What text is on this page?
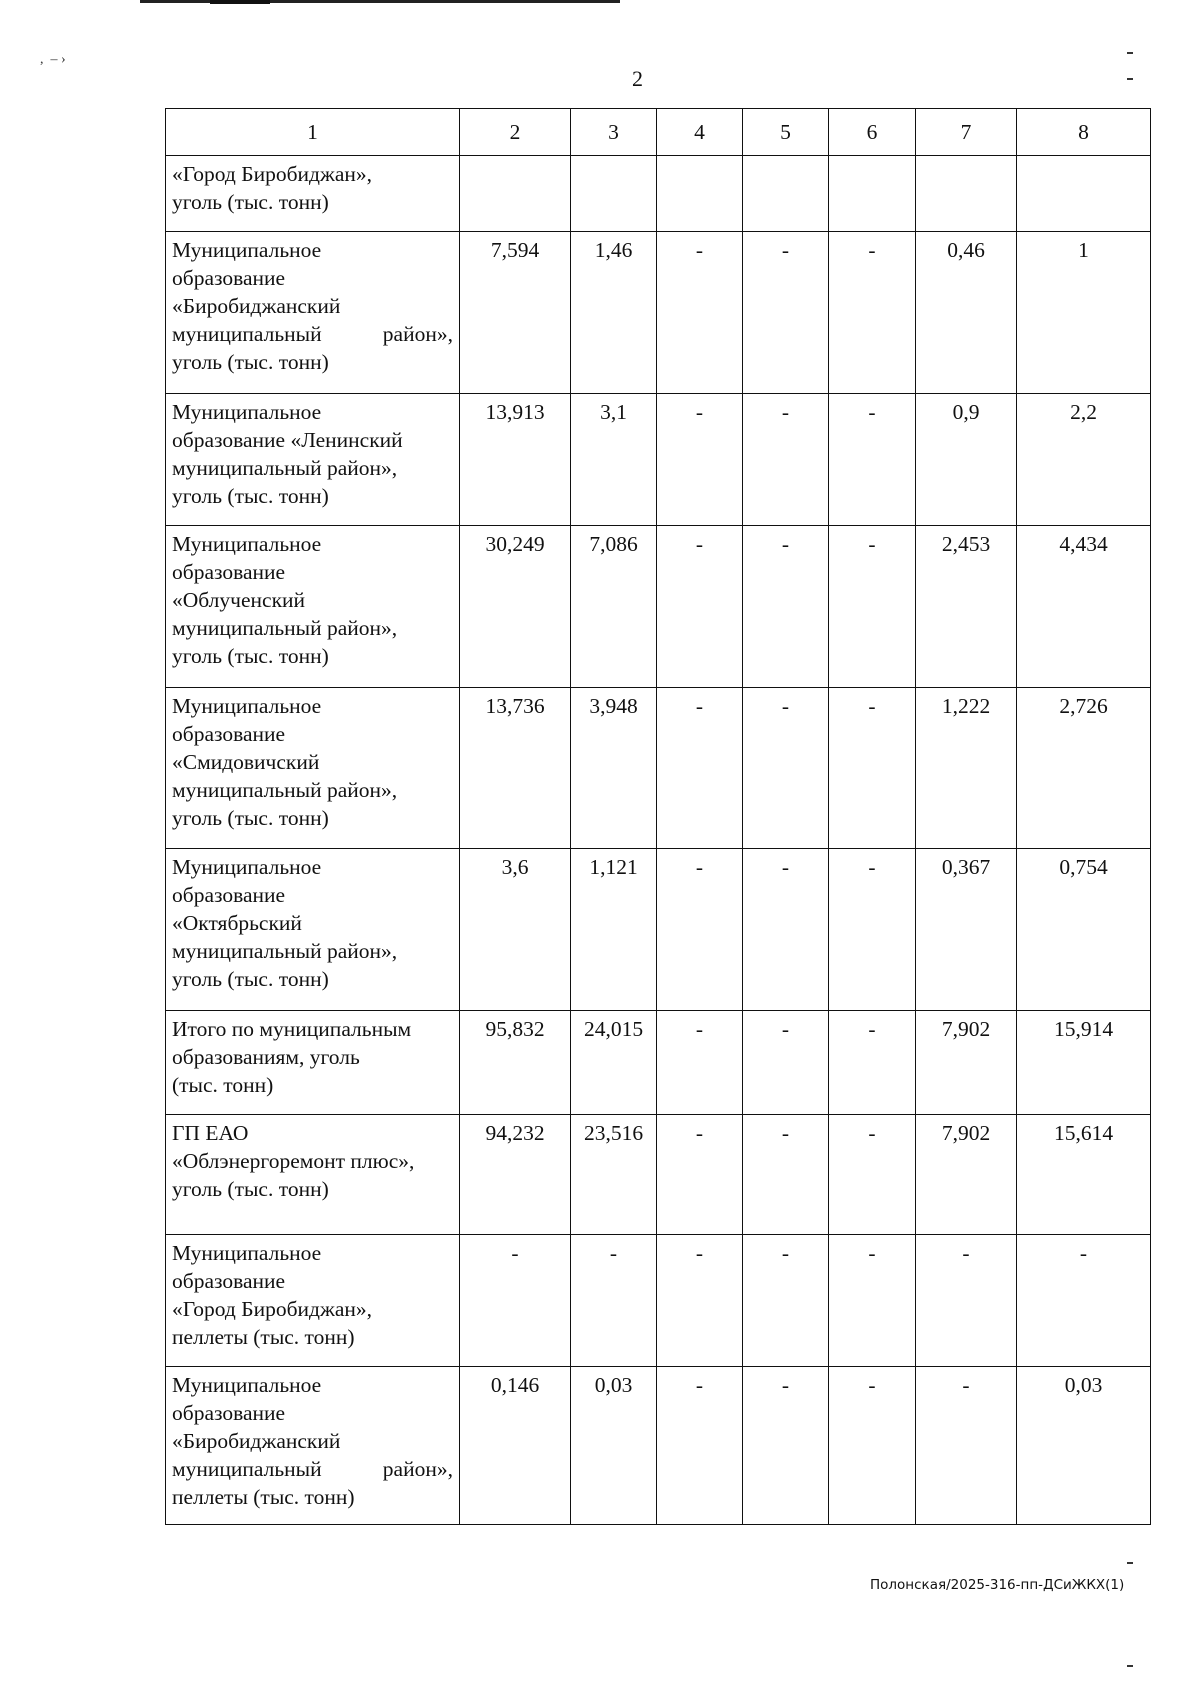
,  ‒ ›
2
1	2	3	4	5	6	7	8

«Город Биробиджан»,
уголь (тыс. тонн)							

Муниципальное
образование
«Биробиджанский
муниципальный район»,
уголь (тыс. тонн)	7,594	1,46	-	-	-	0,46	1

Муниципальное
образование «Ленинский
муниципальный район»,
уголь (тыс. тонн)	13,913	3,1	-	-	-	0,9	2,2

Муниципальное
образование
«Облученский
муниципальный район»,
уголь (тыс. тонн)	30,249	7,086	-	-	-	2,453	4,434

Муниципальное
образование
«Смидовичский
муниципальный район»,
уголь (тыс. тонн)	13,736	3,948	-	-	-	1,222	2,726

Муниципальное
образование
«Октябрьский
муниципальный район»,
уголь (тыс. тонн)	3,6	1,121	-	-	-	0,367	0,754

Итого по муниципальным
образованиям, уголь
(тыс. тонн)	95,832	24,015	-	-	-	7,902	15,914

ГП ЕАО
«Облэнергоремонт плюс»,
уголь (тыс. тонн)	94,232	23,516	-	-	-	7,902	15,614

Муниципальное
образование
«Город Биробиджан»,
пеллеты (тыс. тонн)	-	-	-	-	-	-	-

Муниципальное
образование
«Биробиджанский
муниципальный район»,
пеллеты (тыс. тонн)	0,146	0,03	-	-	-	-	0,03
Полонская/2025-316-пп-ДСиЖКХ(1)
